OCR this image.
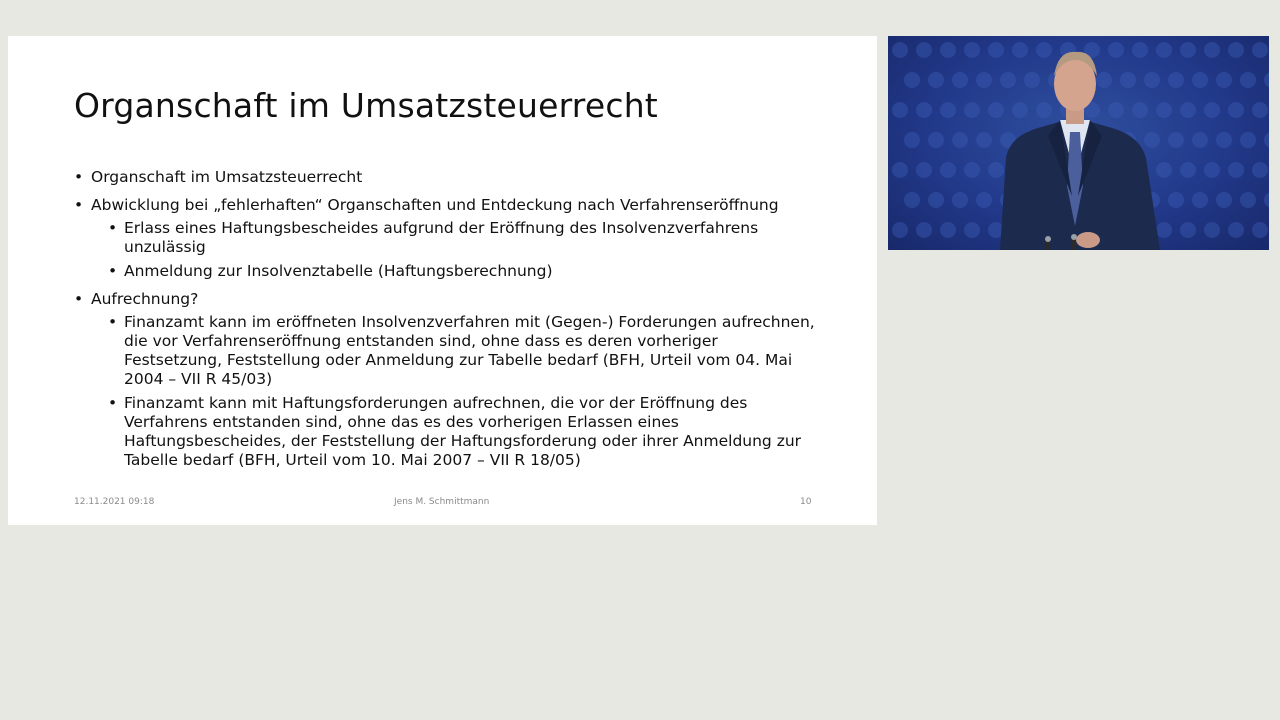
Organschaft im Umsatzsteuerrecht
• Organschaft im Umsatzsteuerrecht
• Abwicklung bei „fehlerhaften“ Organschaften und Entdeckung nach Verfahrenseröffnung
• Erlass eines Haftungsbescheides aufgrund der Eröffnung des Insolvenzverfahrens unzulässig
• Anmeldung zur Insolvenztabelle (Haftungsberechnung)
• Aufrechnung?
• Finanzamt kann im eröffneten Insolvenzverfahren mit (Gegen-) Forderungen aufrechnen, die vor Verfahrenseröffnung entstanden sind, ohne dass es deren vorheriger Festsetzung, Feststellung oder Anmeldung zur Tabelle bedarf (BFH, Urteil vom 04. Mai 2004 – VII R 45/03)
• Finanzamt kann mit Haftungsforderungen aufrechnen, die vor der Eröffnung des Verfahrens entstanden sind, ohne das es des vorherigen Erlassen eines Haftungsbescheides, der Feststellung der Haftungsforderung oder ihrer Anmeldung zur Tabelle bedarf (BFH, Urteil vom 10. Mai 2007 – VII R 18/05)
12.11.2021 09:18	Jens M. Schmittmann	10
